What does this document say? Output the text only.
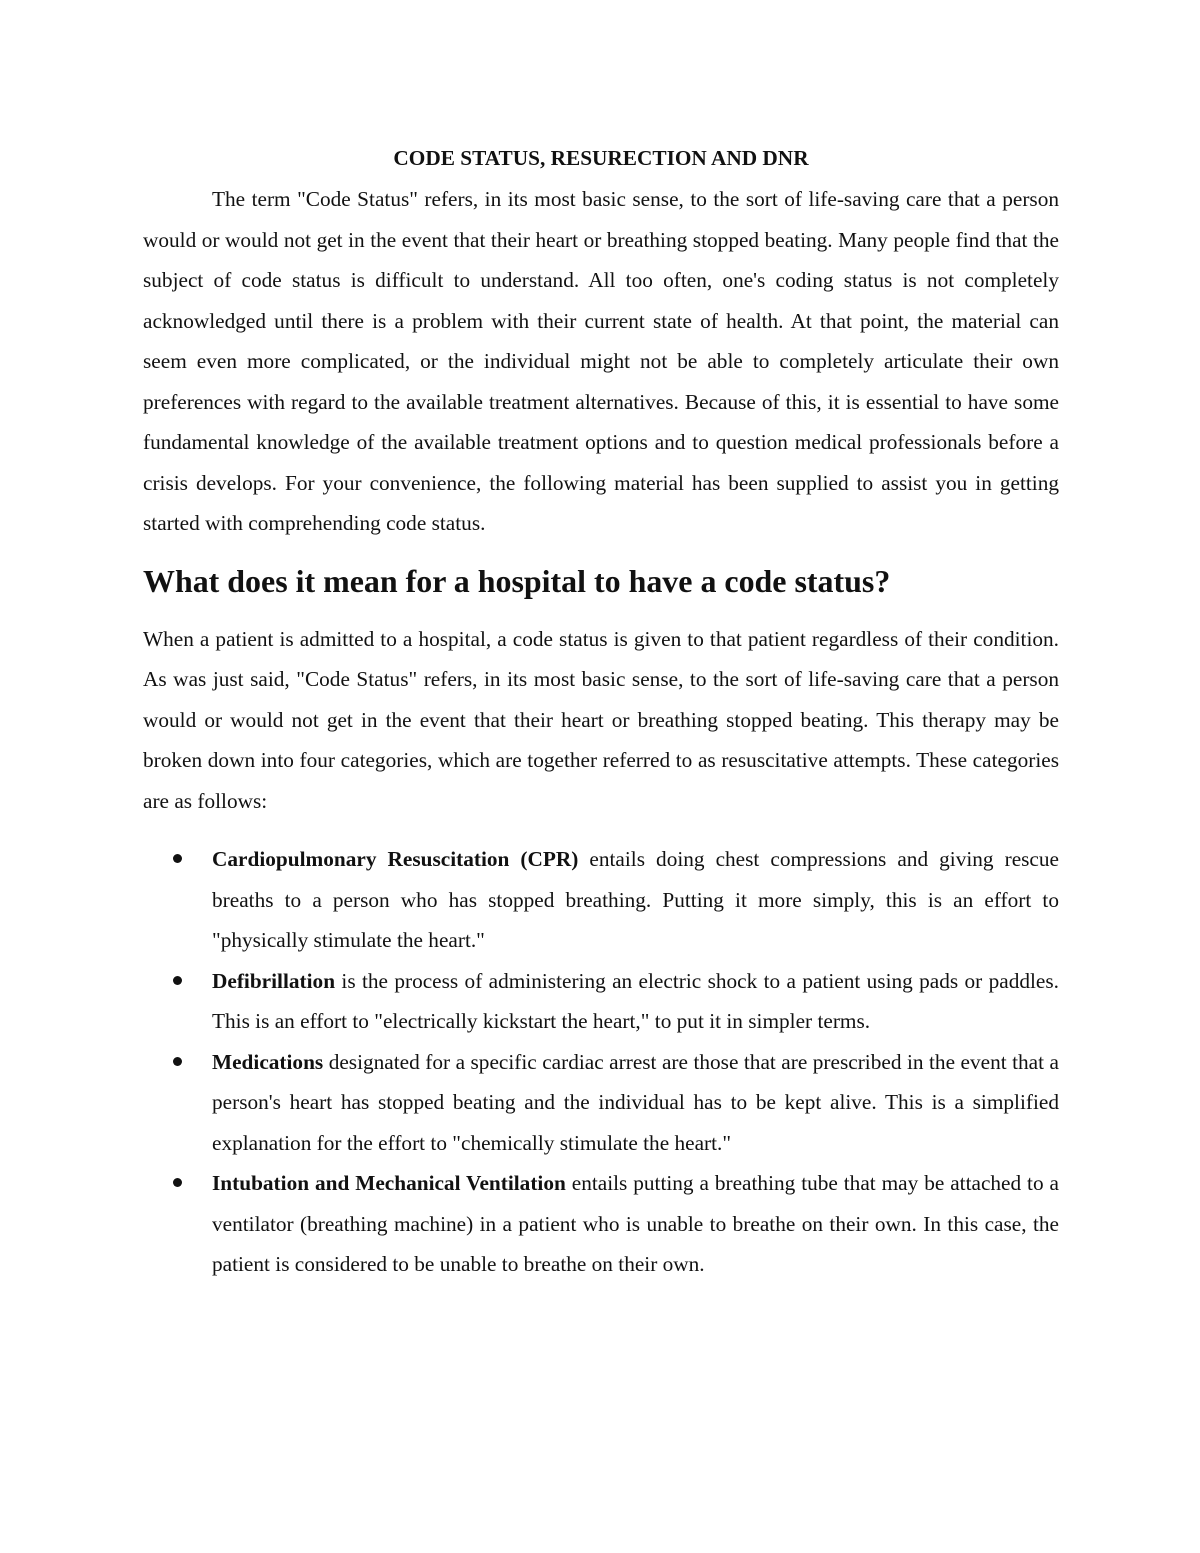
CODE STATUS, RESURECTION AND DNR

The term "Code Status" refers, in its most basic sense, to the sort of life-saving care that a person would or would not get in the event that their heart or breathing stopped beating. Many people find that the subject of code status is difficult to understand. All too often, one's coding status is not completely acknowledged until there is a problem with their current state of health. At that point, the material can seem even more complicated, or the individual might not be able to completely articulate their own preferences with regard to the available treatment alternatives. Because of this, it is essential to have some fundamental knowledge of the available treatment options and to question medical professionals before a crisis develops. For your convenience, the following material has been supplied to assist you in getting started with comprehending code status.

What does it mean for a hospital to have a code status?

When a patient is admitted to a hospital, a code status is given to that patient regardless of their condition. As was just said, "Code Status" refers, in its most basic sense, to the sort of life-saving care that a person would or would not get in the event that their heart or breathing stopped beating. This therapy may be broken down into four categories, which are together referred to as resuscitative attempts. These categories are as follows:

Cardiopulmonary Resuscitation (CPR) entails doing chest compressions and giving rescue breaths to a person who has stopped breathing. Putting it more simply, this is an effort to "physically stimulate the heart."
Defibrillation is the process of administering an electric shock to a patient using pads or paddles. This is an effort to "electrically kickstart the heart," to put it in simpler terms.
Medications designated for a specific cardiac arrest are those that are prescribed in the event that a person's heart has stopped beating and the individual has to be kept alive. This is a simplified explanation for the effort to "chemically stimulate the heart."
Intubation and Mechanical Ventilation entails putting a breathing tube that may be attached to a ventilator (breathing machine) in a patient who is unable to breathe on their own. In this case, the patient is considered to be unable to breathe on their own.
